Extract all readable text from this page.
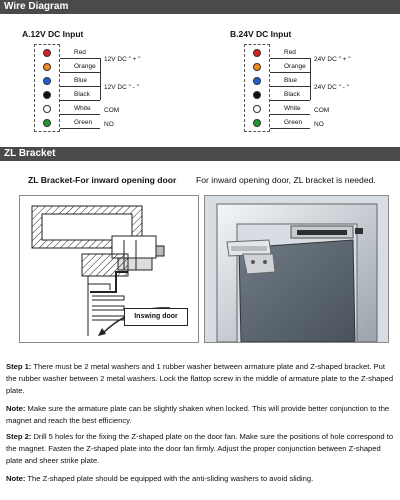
Wire Diagram
A.12V DC Input
Red
Orange
Blue
Black
White
Green
12V DC " + "
12V DC " - "
COM
NO
B.24V DC Input
Red
Orange
Blue
Black
White
Green
24V DC " + "
24V DC " - "
COM
NO
ZL Bracket
ZL Bracket-For inward opening door For inward opening door, ZL bracket is needed.
Inswing door
Step 1: There must be 2 metal washers and 1 rubber washer between armature plate and Z-shaped bracket. Put the rubber washer between 2 metal washers. Lock the flattop screw in the middle of armature plate to the Z-shaped plate.
Note: Make sure the armature plate can be slightly shaken when locked. This will provide better conjunction to the magnet and reach the best efficiency.
Step 2: Drill 5 holes for the fixing the Z-shaped plate on the door fan. Make sure the positions of hole correspond to the magnet. Fasten the Z-shaped plate into the door fan firmly. Adjust the proper conjunction between Z-shaped plate and sheer strike plate.
Note: The Z-shaped plate should be equipped with the anti-sliding washers to avoid sliding.
